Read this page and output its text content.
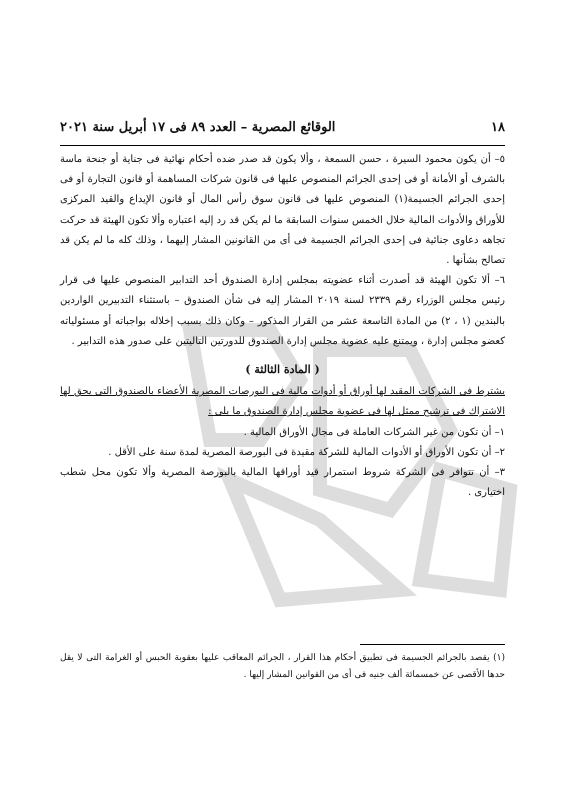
١٨
الوقائع المصرية – العدد ٨٩ فى ١٧ أبريل سنة ٢٠٢١

٥– أن يكون محمود السيرة ، حسن السمعة ، وألا يكون قد صدر ضده أحكام نهائية فى جناية أو جنحة ماسة بالشرف أو الأمانة أو فى إحدى الجرائم المنصوص عليها فى قانون شركات المساهمة أو قانون التجارة أو فى إحدى الجرائم الجسيمة(١) المنصوص عليها فى قانون سوق رأس المال أو قانون الإيداع والقيد المركزى للأوراق والأدوات المالية خلال الخمس سنوات السابقة ما لم يكن قد رد إليه اعتباره وألا تكون الهيئة قد حركت تجاهه دعاوى جنائية فى إحدى الجرائم الجسيمة فى أى من القانونين المشار إليهما ، وذلك كله ما لم يكن قد تصالح بشأنها .

٦– ألا تكون الهيئة قد أصدرت أثناء عضويته بمجلس إدارة الصندوق أحد التدابير المنصوص عليها فى قرار رئيس مجلس الوزراء رقم ٢٣٣٩ لسنة ٢٠١٩ المشار إليه فى شأن الصندوق – باستثناء التدبيرين الواردين بالبندين (١ ، ٢) من المادة التاسعة عشر من القرار المذكور – وكان ذلك بسبب إخلاله بواجباته أو مسئولياته كعضو مجلس إدارة ، ويمتنع عليه عضوية مجلس إدارة الصندوق للدورتين التاليتين على صدور هذه التدابير .

( المادة الثالثة )

يشترط فى الشركات المقيد لها أوراق أو أدوات مالية فى البورصات المصرية الأعضاء بالصندوق التى يحق لها الاشتراك فى ترشيح ممثل لها فى عضوية مجلس إدارة الصندوق ما يلى :

١– أن تكون من غير الشركات العاملة فى مجال الأوراق المالية .

٢– أن تكون الأوراق أو الأدوات المالية للشركة مقيدة فى البورصة المصرية لمدة سنة على الأقل .

٣– أن تتوافر فى الشركة شروط استمرار قيد أوراقها المالية بالبورصة المصرية وألا تكون محل شطب اختيارى .

(١) يقصد بالجرائم الجسيمة فى تطبيق أحكام هذا القرار ، الجرائم المعاقب عليها بعقوبة الحبس أو الغرامة التى لا يقل حدها الأقصى عن خمسمائة ألف جنيه فى أى من القوانين المشار إليها .
